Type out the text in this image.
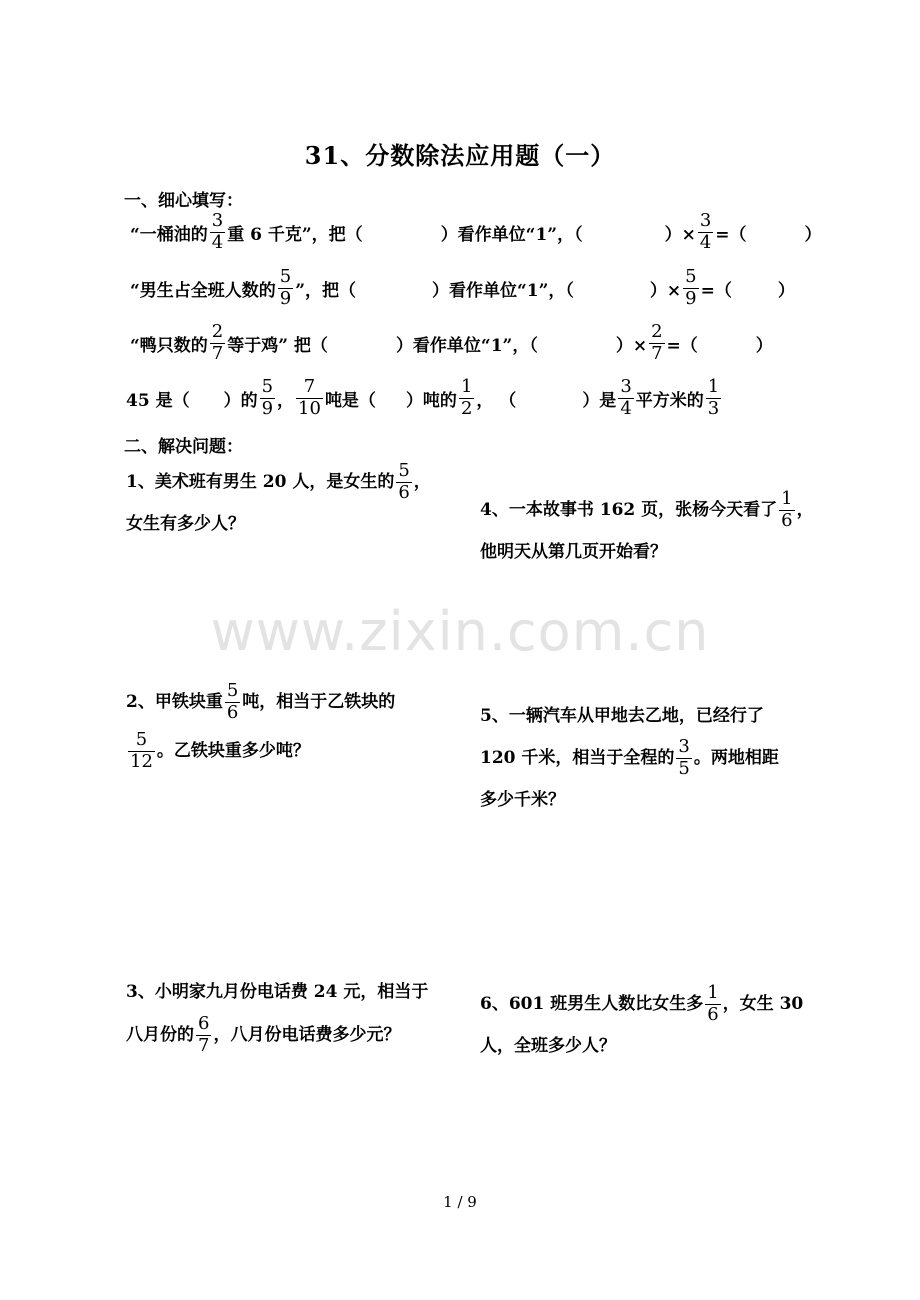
31、分数除法应用题（一）
一、细心填写：
“一桶油的 $\frac{3}{4}$ 重 6 千克”，把（	）看作单位“1”，（	）× $\frac{3}{4}$ =（	）
“男生占全班人数的 $\frac{5}{9}$ ”，把（	）看作单位“1”，（	）× $\frac{5}{9}$ =（	）
“鸭只数的 $\frac{2}{7}$ 等于鸡” 把（	）看作单位“1”，（	）× $\frac{2}{7}$ =（	）
45 是（ ）的 $\frac{5}{9}$ ， $\frac{7}{10}$ 吨是（ ）吨的 $\frac{1}{2}$ ， （	）是 $\frac{3}{4}$ 平方米的 $\frac{1}{3}$
二、解决问题：
1、美术班有男生 20 人，是女生的 $\frac{5}{6}$ ，
女生有多少人？
4、一本故事书 162 页，张杨今天看了 $\frac{1}{6}$ ，
他明天从第几页开始看？
2、甲铁块重 $\frac{5}{6}$ 吨，相当于乙铁块的
$\frac{5}{12}$ 。乙铁块重多少吨？
5、一辆汽车从甲地去乙地，已经行了
120 千米，相当于全程的 $\frac{3}{5}$ 。两地相距
多少千米？
3、小明家九月份电话费 24 元，相当于
八月份的 $\frac{6}{7}$ ，八月份电话费多少元？
6、601 班男生人数比女生多 $\frac{1}{6}$ ，女生 30
人，全班多少人？
www.zixin.com.cn
1 / 9
